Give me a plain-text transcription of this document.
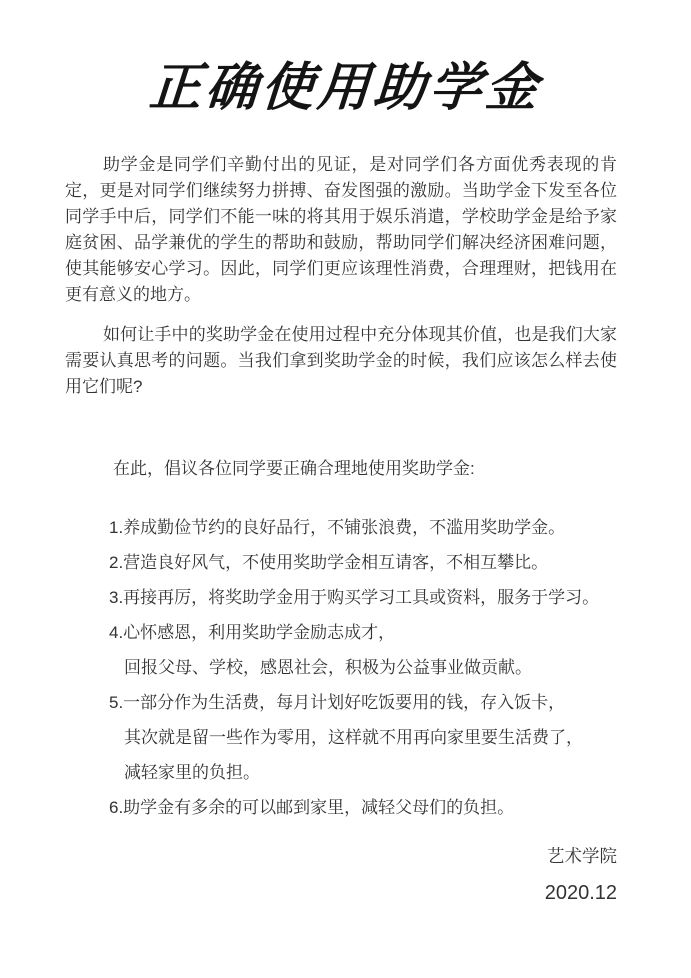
正确使用助学金

助学金是同学们辛勤付出的见证，是对同学们各方面优秀表现的肯定，更是对同学们继续努力拼搏、奋发图强的激励。当助学金下发至各位同学手中后，同学们不能一味的将其用于娱乐消遣，学校助学金是给予家庭贫困、品学兼优的学生的帮助和鼓励，帮助同学们解决经济困难问题，使其能够安心学习。因此，同学们更应该理性消费，合理理财，把钱用在更有意义的地方。

如何让手中的奖助学金在使用过程中充分体现其价值，也是我们大家需要认真思考的问题。当我们拿到奖助学金的时候，我们应该怎么样去使用它们呢?

在此，倡议各位同学要正确合理地使用奖助学金:
1.养成勤俭节约的良好品行，不铺张浪费，不滥用奖助学金。
2.营造良好风气，不使用奖助学金相互请客，不相互攀比。
3.再接再厉，将奖助学金用于购买学习工具或资料，服务于学习。
4.心怀感恩，利用奖助学金励志成才，
回报父母、学校，感恩社会，积极为公益事业做贡献。
5.一部分作为生活费，每月计划好吃饭要用的钱，存入饭卡，
其次就是留一些作为零用，这样就不用再向家里要生活费了，
减轻家里的负担。
6.助学金有多余的可以邮到家里，减轻父母们的负担。
艺术学院
2020.12
